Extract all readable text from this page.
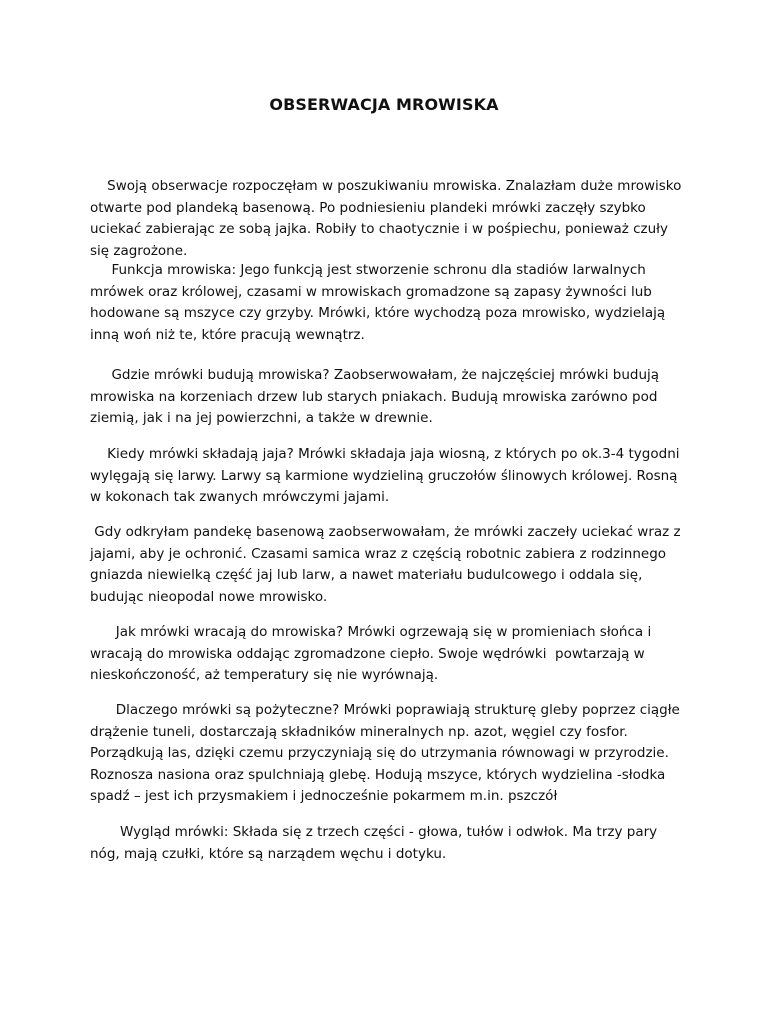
OBSERWACJA MROWISKA
Swoją obserwacje rozpoczęłam w poszukiwaniu mrowiska. Znalazłam duże mrowisko otwarte pod plandeką basenową. Po podniesieniu plandeki mrówki zaczęły szybko uciekać zabierając ze sobą jajka. Robiły to chaotycznie i w pośpiechu, ponieważ czuły się zagrożone.
Funkcja mrowiska: Jego funkcją jest stworzenie schronu dla stadiów larwalnych mrówek oraz królowej, czasami w mrowiskach gromadzone są zapasy żywności lub hodowane są mszyce czy grzyby. Mrówki, które wychodzą poza mrowisko, wydzielają inną woń niż te, które pracują wewnątrz.
Gdzie mrówki budują mrowiska? Zaobserwowałam, że najczęściej mrówki budują mrowiska na korzeniach drzew lub starych pniakach. Budują mrowiska zarówno pod ziemią, jak i na jej powierzchni, a także w drewnie.
Kiedy mrówki składają jaja? Mrówki składaja jaja wiosną, z których po ok.3-4 tygodni wylęgają się larwy. Larwy są karmione wydzieliną gruczołów ślinowych królowej. Rosną w kokonach tak zwanych mrówczymi jajami.
Gdy odkryłam pandekę basenową zaobserwowałam, że mrówki zaczeły uciekać wraz z jajami, aby je ochronić. Czasami samica wraz z częścią robotnic zabiera z rodzinnego gniazda niewielką część jaj lub larw, a nawet materiału budulcowego i oddala się, budując nieopodal nowe mrowisko.
Jak mrówki wracają do mrowiska? Mrówki ogrzewają się w promieniach słońca i wracają do mrowiska oddając zgromadzone ciepło. Swoje wędrówki  powtarzają w nieskończoność, aż temperatury się nie wyrównają.
Dlaczego mrówki są pożyteczne? Mrówki poprawiają strukturę gleby poprzez ciągłe drążenie tuneli, dostarczają składników mineralnych np. azot, węgiel czy fosfor. Porządkują las, dzięki czemu przyczyniają się do utrzymania równowagi w przyrodzie. Roznosza nasiona oraz spulchniają glebę. Hodują mszyce, których wydzielina -słodka spadź – jest ich przysmakiem i jednocześnie pokarmem m.in. pszczół
Wygląd mrówki: Składa się z trzech części - głowa, tułów i odwłok. Ma trzy pary nóg, mają czułki, które są narządem węchu i dotyku.
